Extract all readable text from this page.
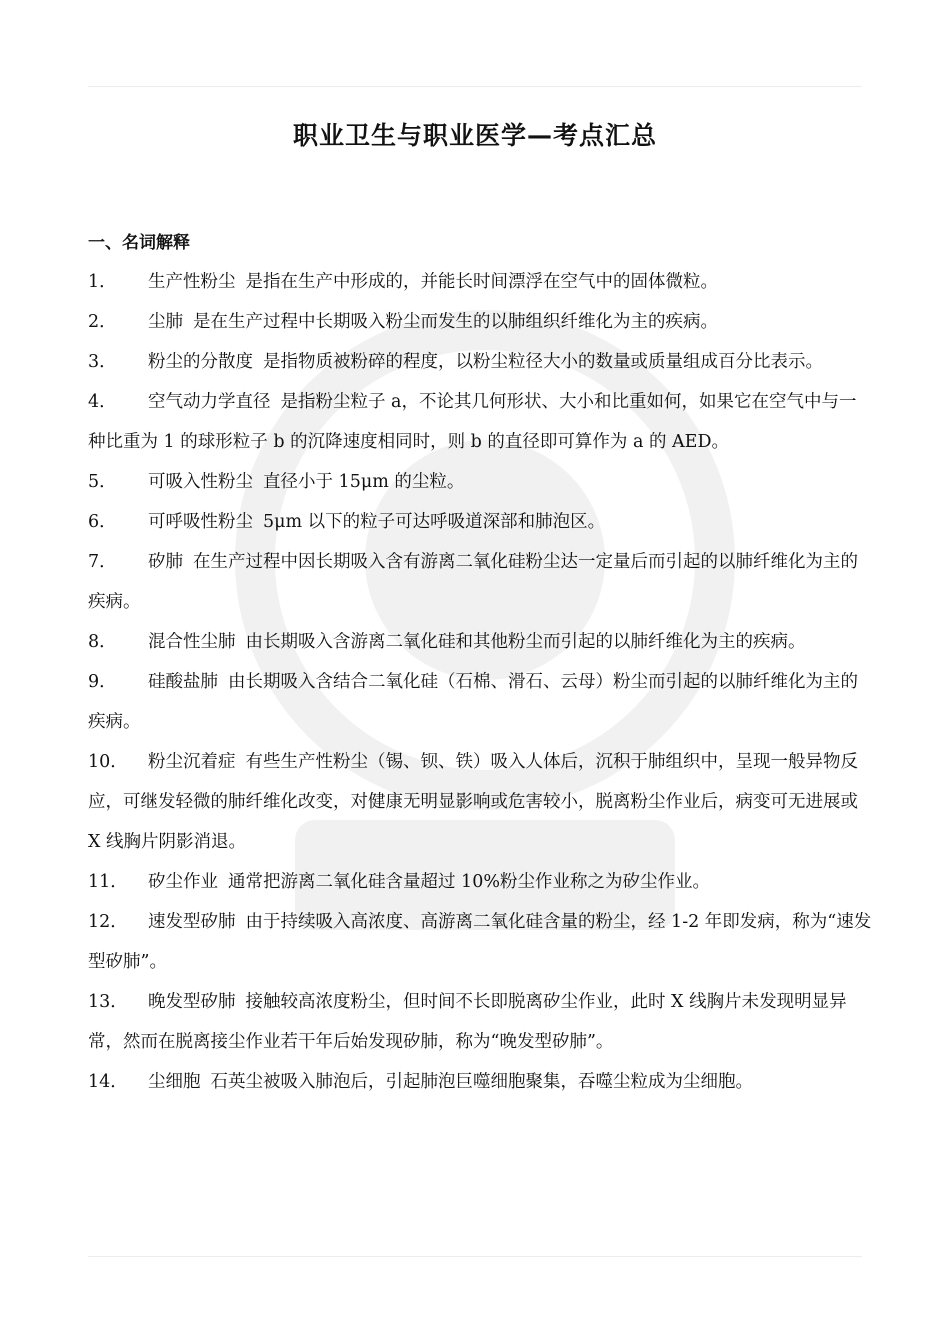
职业卫生与职业医学—考点汇总
一、名词解释
1． 生产性粉尘 是指在生产中形成的，并能长时间漂浮在空气中的固体微粒。
2． 尘肺 是在生产过程中长期吸入粉尘而发生的以肺组织纤维化为主的疾病。
3． 粉尘的分散度 是指物质被粉碎的程度，以粉尘粒径大小的数量或质量组成百分比表示。
4． 空气动力学直径 是指粉尘粒子 a，不论其几何形状、大小和比重如何，如果它在空气中与一种比重为 1 的球形粒子 b 的沉降速度相同时，则 b 的直径即可算作为 a 的 AED。
5． 可吸入性粉尘 直径小于 15μm 的尘粒。
6． 可呼吸性粉尘 5μm 以下的粒子可达呼吸道深部和肺泡区。
7． 矽肺 在生产过程中因长期吸入含有游离二氧化硅粉尘达一定量后而引起的以肺纤维化为主的疾病。
8． 混合性尘肺 由长期吸入含游离二氧化硅和其他粉尘而引起的以肺纤维化为主的疾病。
9． 硅酸盐肺 由长期吸入含结合二氧化硅（石棉、滑石、云母）粉尘而引起的以肺纤维化为主的疾病。
10． 粉尘沉着症 有些生产性粉尘（锡、钡、铁）吸入人体后，沉积于肺组织中，呈现一般异物反应，可继发轻微的肺纤维化改变，对健康无明显影响或危害较小，脱离粉尘作业后，病变可无进展或 X 线胸片阴影消退。
11． 矽尘作业 通常把游离二氧化硅含量超过 10%粉尘作业称之为矽尘作业。
12． 速发型矽肺 由于持续吸入高浓度、高游离二氧化硅含量的粉尘，经 1-2 年即发病，称为“速发型矽肺”。
13． 晚发型矽肺 接触较高浓度粉尘，但时间不长即脱离矽尘作业，此时 X 线胸片未发现明显异常，然而在脱离接尘作业若干年后始发现矽肺，称为“晚发型矽肺”。
14． 尘细胞 石英尘被吸入肺泡后，引起肺泡巨噬细胞聚集，吞噬尘粒成为尘细胞。
